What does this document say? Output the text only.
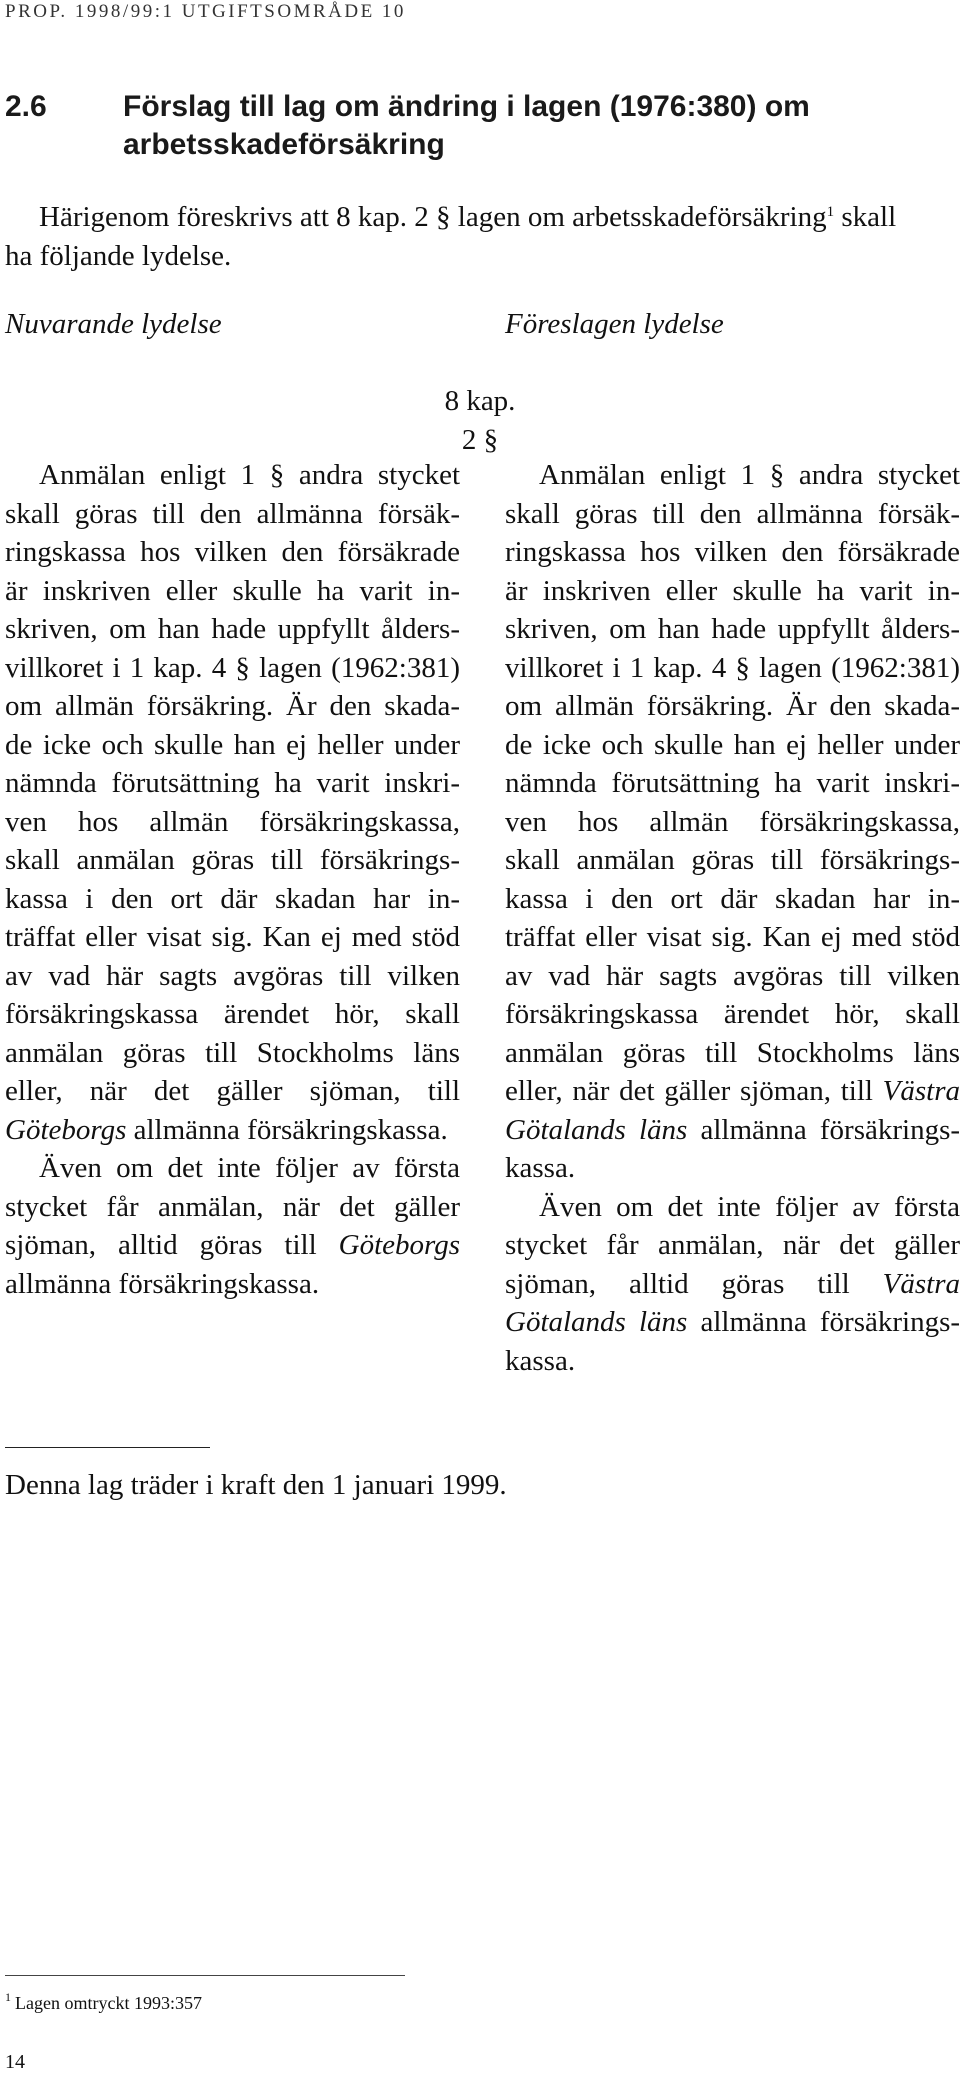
PROP. 1998/99:1 UTGIFTSOMRÅDE 10
2.6	Förslag till lag om ändring i lagen (1976:380) om arbetsskadeförsäkring
Härigenom föreskrivs att 8 kap. 2 § lagen om arbetsskadeförsäkring$^1$ skall
ha följande lydelse.
Nuvarande lydelse	Föreslagen lydelse
8 kap.
2 §
Anmälan enligt 1 § andra stycket
skall göras till den allmänna försäk-
ringskassa hos vilken den försäkrade
är inskriven eller skulle ha varit in-
skriven, om han hade uppfyllt ålders-
villkoret i 1 kap. 4 § lagen (1962:381)
om allmän försäkring. Är den skada-
de icke och skulle han ej heller under
nämnda förutsättning ha varit inskri-
ven hos allmän försäkringskassa,
skall anmälan göras till försäkrings-
kassa i den ort där skadan har in-
träffat eller visat sig. Kan ej med stöd
av vad här sagts avgöras till vilken
försäkringskassa ärendet hör, skall
anmälan göras till Stockholms läns
eller, när det gäller sjöman, till
Göteborgs allmänna försäkringskassa.
Även om det inte följer av första
stycket får anmälan, när det gäller
sjöman, alltid göras till Göteborgs
allmänna försäkringskassa.
Anmälan enligt 1 § andra stycket
skall göras till den allmänna försäk-
ringskassa hos vilken den försäkrade
är inskriven eller skulle ha varit in-
skriven, om han hade uppfyllt ålders-
villkoret i 1 kap. 4 § lagen (1962:381)
om allmän försäkring. Är den skada-
de icke och skulle han ej heller under
nämnda förutsättning ha varit inskri-
ven hos allmän försäkringskassa,
skall anmälan göras till försäkrings-
kassa i den ort där skadan har in-
träffat eller visat sig. Kan ej med stöd
av vad här sagts avgöras till vilken
försäkringskassa ärendet hör, skall
anmälan göras till Stockholms läns
eller, när det gäller sjöman, till Västra
Götalands läns allmänna försäkrings-
kassa.
Även om det inte följer av första
stycket får anmälan, när det gäller
sjöman, alltid göras till Västra
Götalands läns allmänna försäkrings-
kassa.
Denna lag träder i kraft den 1 januari 1999.
$^1$ Lagen omtryckt 1993:357
14
